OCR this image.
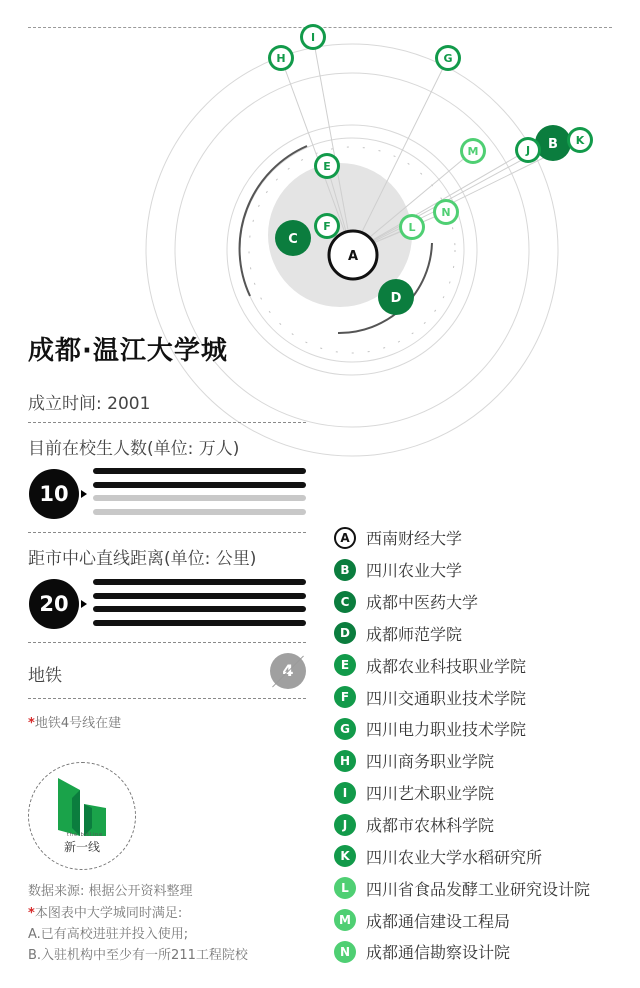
A
B
C
D
E
F
G
H
I
J
K
L
M
N
成都·温江大学城
成立时间: 2001
目前在校生人数(单位: 万人)
10
距市中心直线距离(单位: 公里)
20
地铁	4
*地铁4号线在建
the bitline
新一线
数据来源: 根据公开资料整理
*本图表中大学城同时满足:
A.已有高校进驻并投入使用;
B.入驻机构中至少有一所211工程院校
A	西南财经大学
B	四川农业大学
C	成都中医药大学
D	成都师范学院
E	成都农业科技职业学院
F	四川交通职业技术学院
G	四川电力职业技术学院
H 四川商务职业学院
I	四川艺术职业学院
J	成都市农林科学院
K	四川农业大学水稻研究所
L	四川省食品发酵工业研究设计院
M 成都通信建设工程局
N 成都通信勘察设计院
